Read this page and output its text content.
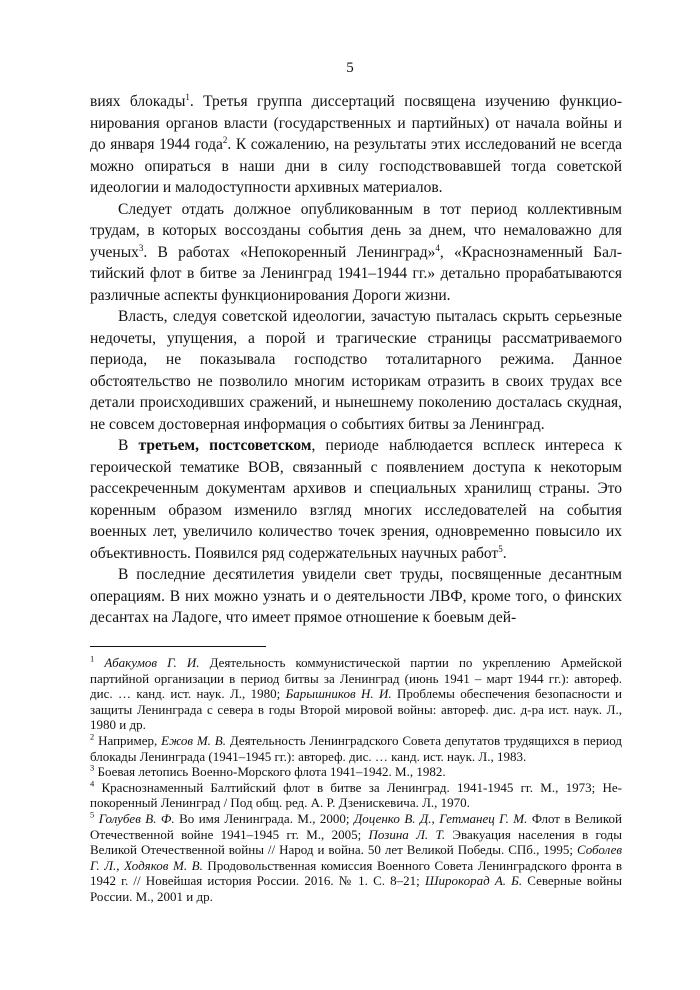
5

виях блокады$^1$. Третья группа диссертаций посвящена изучению функционирования органов власти (государственных и партийных) от начала войны и до января 1944 года$^2$. К сожалению, на результаты этих исследований не всегда можно опираться в наши дни в силу господствовавшей тогда советской идеологии и малодоступности архивных материалов.

Следует отдать должное опубликованным в тот период коллективным трудам, в которых воссозданы события день за днем, что немаловажно для ученых$^3$. В работах «Непокоренный Ленинград»$^4$, «Краснознаменный Балтийский флот в битве за Ленинград 1941–1944 гг.» детально прорабатываются различные аспекты функционирования Дороги жизни.

Власть, следуя советской идеологии, зачастую пыталась скрыть серьезные недочеты, упущения, а порой и трагические страницы рассматриваемого периода, не показывала господство тоталитарного режима. Данное обстоятельство не позволило многим историкам отразить в своих трудах все детали происходивших сражений, и нынешнему поколению досталась скудная, не совсем достоверная информация о событиях битвы за Ленинград.

В третьем, постсоветском, периоде наблюдается всплеск интереса к героической тематике ВОВ, связанный с появлением доступа к некоторым рассекреченным документам архивов и специальных хранилищ страны. Это коренным образом изменило взгляд многих исследователей на события военных лет, увеличило количество точек зрения, одновременно повысило их объективность. Появился ряд содержательных научных работ$^5$.

В последние десятилетия увидели свет труды, посвященные десантным операциям. В них можно узнать и о деятельности ЛВФ, кроме того, о финских десантах на Ладоге, что имеет прямое отношение к боевым дей-

$^1$ Абакумов Г. И. Деятельность коммунистической партии по укреплению Армейской партийной организации в период битвы за Ленинград (июнь 1941 – март 1944 гг.): автореф. дис. … канд. ист. наук. Л., 1980; Барышников Н. И. Проблемы обеспечения безопасности и защиты Ленинграда с севера в годы Второй мировой войны: автореф. дис. д-ра ист. наук. Л., 1980 и др.
$^2$ Например, Ежов М. В. Деятельность Ленинградского Совета депутатов трудящихся в период блокады Ленинграда (1941–1945 гг.): автореф. дис. … канд. ист. наук. Л., 1983.
$^3$ Боевая летопись Военно-Морского флота 1941–1942. М., 1982.
$^4$ Краснознаменный Балтийский флот в битве за Ленинград. 1941-1945 гг. М., 1973; Непокоренный Ленинград / Под общ. ред. А. Р. Дзенискевича. Л., 1970.
$^5$ Голубев В. Ф. Во имя Ленинграда. М., 2000; Доценко В. Д., Гетманец Г. М. Флот в Великой Отечественной войне 1941–1945 гг. М., 2005; Позина Л. Т. Эвакуация населения в годы Великой Отечественной войны // Народ и война. 50 лет Великой Победы. СПб., 1995; Соболев Г. Л., Ходяков М. В. Продовольственная комиссия Военного Совета Ленинградского фронта в 1942 г. // Новейшая история России. 2016. № 1. С. 8–21; Широкорад А. Б. Северные войны России. М., 2001 и др.
